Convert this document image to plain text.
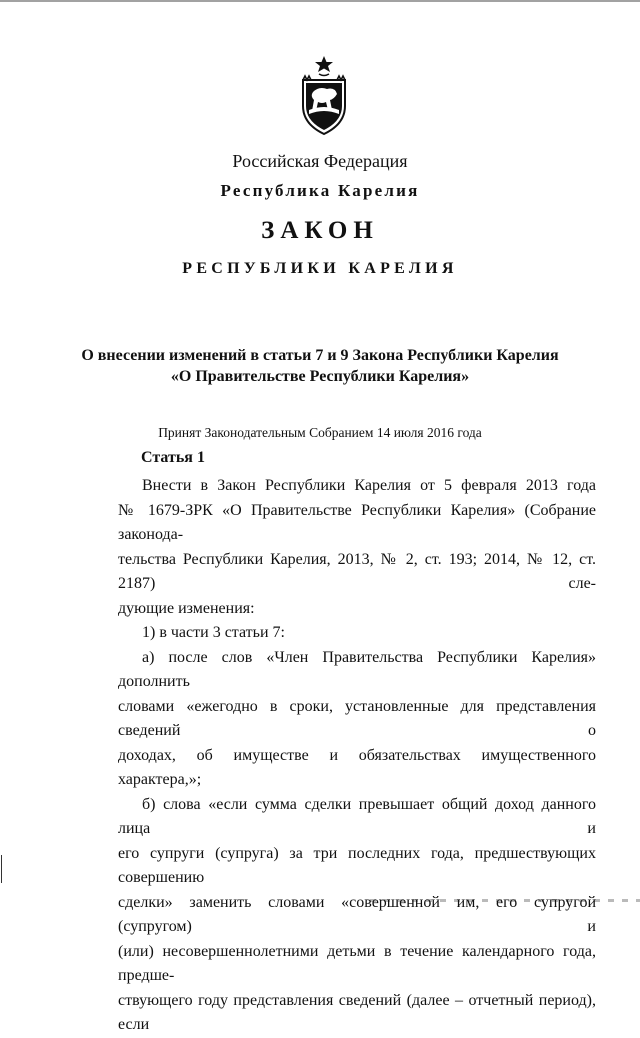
Российская Федерация
Республика Карелия
ЗАКОН
РЕСПУБЛИКИ КАРЕЛИЯ
О внесении изменений в статьи 7 и 9 Закона Республики Карелия
«О Правительстве Республики Карелия»
Принят Законодательным Собранием 14 июля 2016 года
Статья 1
Внести в Закон Республики Карелия от 5 февраля 2013 года
№ 1679-ЗРК «О Правительстве Республики Карелия» (Собрание законода-
тельства Республики Карелия, 2013, № 2, ст. 193; 2014, № 12, ст. 2187) сле-
дующие изменения:
1) в части 3 статьи 7:
а) после слов «Член Правительства Республики Карелия» дополнить
словами «ежегодно в сроки, установленные для представления сведений о
доходах, об имуществе и обязательствах имущественного характера,»;
б) слова «если сумма сделки превышает общий доход данного лица и
его супруги (супруга) за три последних года, предшествующих совершению
сделки» заменить словами «совершенной им, его супругой (супругом) и
(или) несовершеннолетними детьми в течение календарного года, предше-
ствующего году представления сведений (далее – отчетный период), если
